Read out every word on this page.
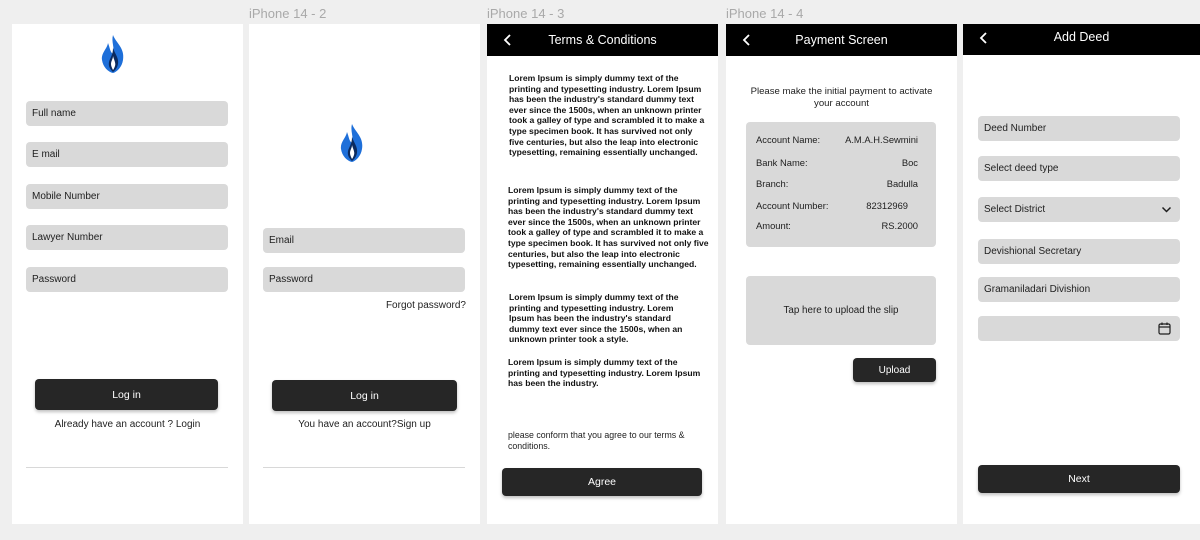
iPhone 14 - 2	iPhone 14 - 3	iPhone 14 - 4
Full name
E mail
Mobile Number
Lawyer Number
Password
Log in
Already have an account ? Login
Email
Password
Forgot password?
Log in
You have an account?Sign up
Terms & Conditions
Lorem Ipsum is simply dummy text of the printing and typesetting industry. Lorem Ipsum has been the industry's standard dummy text ever since the 1500s, when an unknown printer took a galley of type and scrambled it to make a type specimen book. It has survived not only five centuries, but also the leap into electronic typesetting, remaining essentially unchanged.
Lorem Ipsum is simply dummy text of the printing and typesetting industry. Lorem Ipsum has been the industry's standard dummy text ever since the 1500s, when an unknown printer took a galley of type and scrambled it to make a type specimen book. It has survived not only five centuries, but also the leap into electronic typesetting, remaining essentially unchanged.
Lorem Ipsum is simply dummy text of the printing and typesetting industry. Lorem Ipsum has been the industry's standard dummy text ever since the 1500s, when an unknown printer took a style.
Lorem Ipsum is simply dummy text of the printing and typesetting industry. Lorem Ipsum has been the industry.
please conform that you agree to our terms & conditions.
Agree
Payment Screen
Please make the initial payment to activate your account
Account Name:	A.M.A.H.Sewmini
Bank Name:	Boc
Branch:	Badulla
Account Number:	82312969
Amount:	RS.2000
Tap here to upload the slip
Upload
Add Deed
Deed Number
Select deed type
Select District
Devishional Secretary
Gramaniladari Divishion
Next
